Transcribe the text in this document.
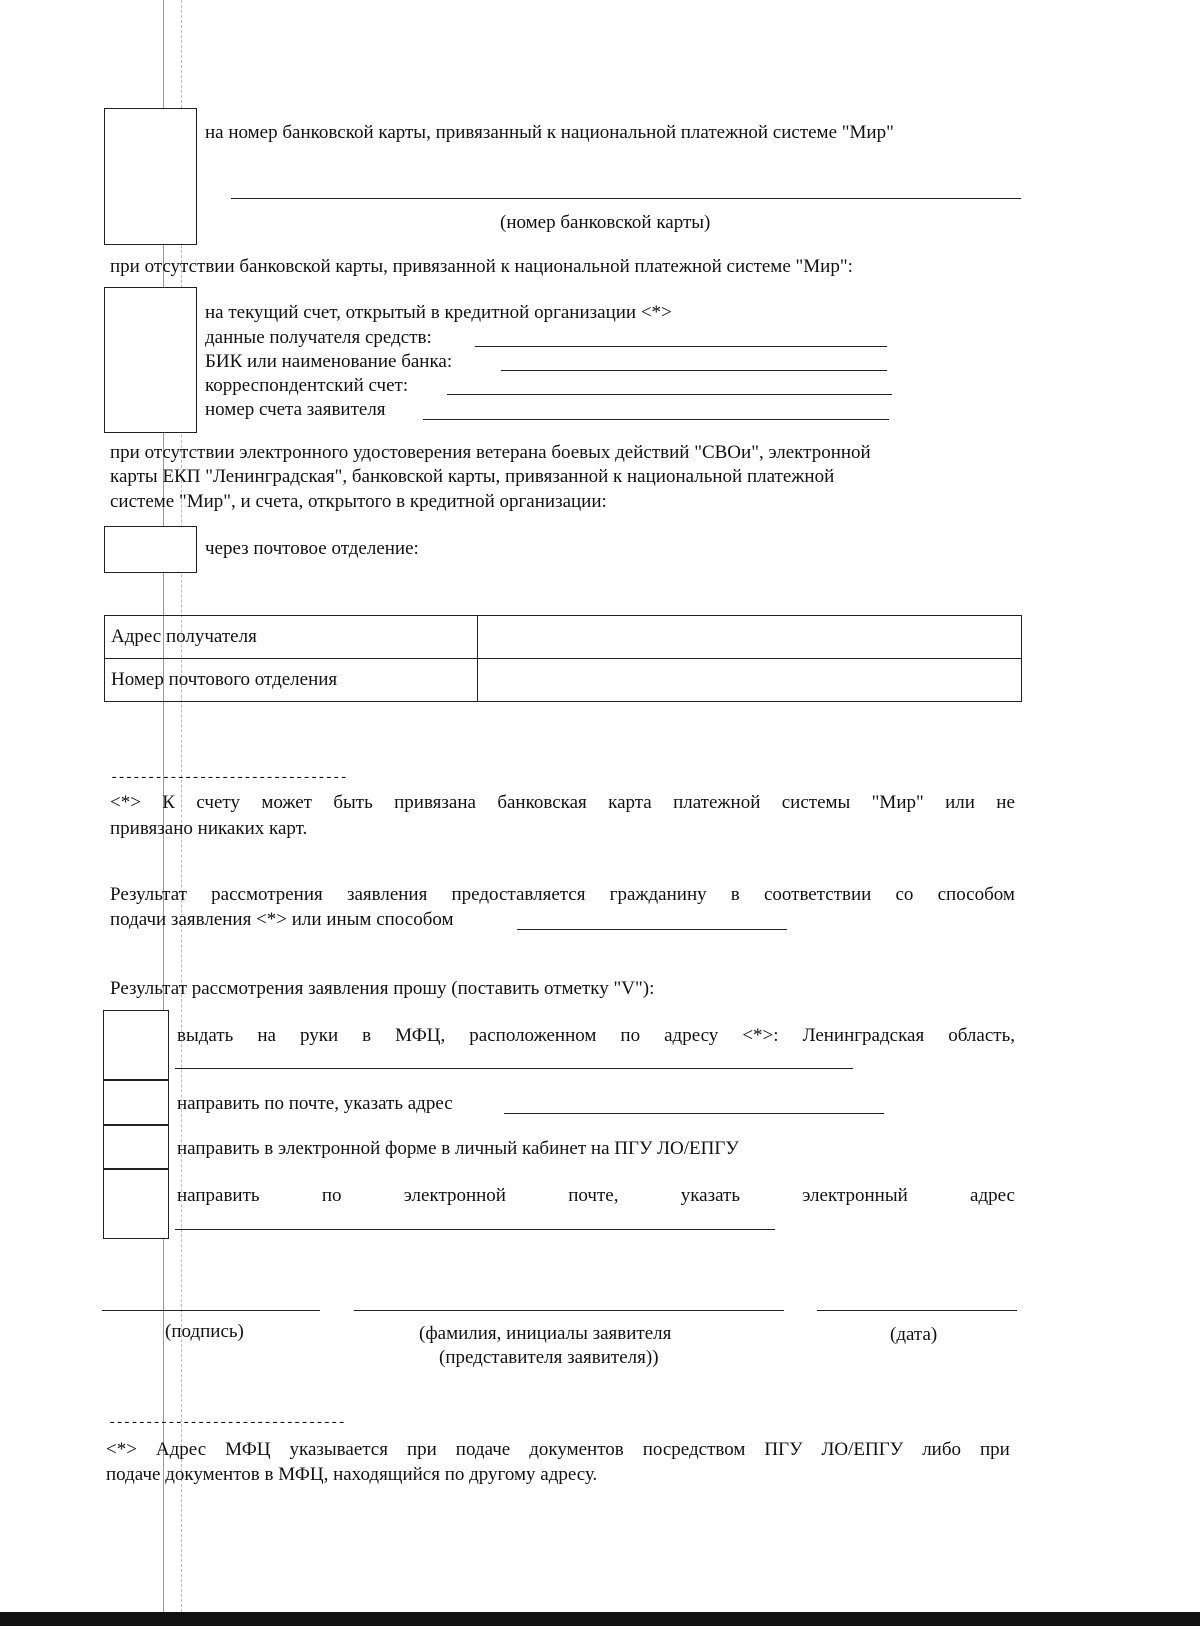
на номер банковской карты, привязанный к национальной платежной системе "Мир"
(номер банковской карты)
при отсутствии банковской карты, привязанной к национальной платежной системе "Мир":
на текущий счет, открытый в кредитной организации <*>
данные получателя средств:
БИК или наименование банка:
корреспондентский счет:
номер счета заявителя
при отсутствии электронного удостоверения ветерана боевых действий "СВОи", электронной
карты ЕКП "Ленинградская", банковской карты, привязанной к национальной платежной
системе "Мир", и счета, открытого в кредитной организации:
через почтовое отделение:
Адрес получателя	
Номер почтового отделения	
--------------------------------
<*> К счету может быть привязана банковская карта платежной системы "Мир" или не
привязано никаких карт.
Результат рассмотрения заявления предоставляется гражданину в соответствии со способом
подачи заявления <*> или иным способом
Результат рассмотрения заявления прошу (поставить отметку "V"):
выдать на руки в МФЦ, расположенном по адресу <*>: Ленинградская область,
направить по почте, указать адрес
направить в электронной форме в личный кабинет на ПГУ ЛО/ЕПГУ
направить	по	электронной	почте,	указать	электронный	адрес
(подпись)	(фамилия, инициалы заявителя
(представителя заявителя))
(дата)
--------------------------------
<*> Адрес МФЦ указывается при подаче документов посредством ПГУ ЛО/ЕПГУ либо при
подаче документов в МФЦ, находящийся по другому адресу.
